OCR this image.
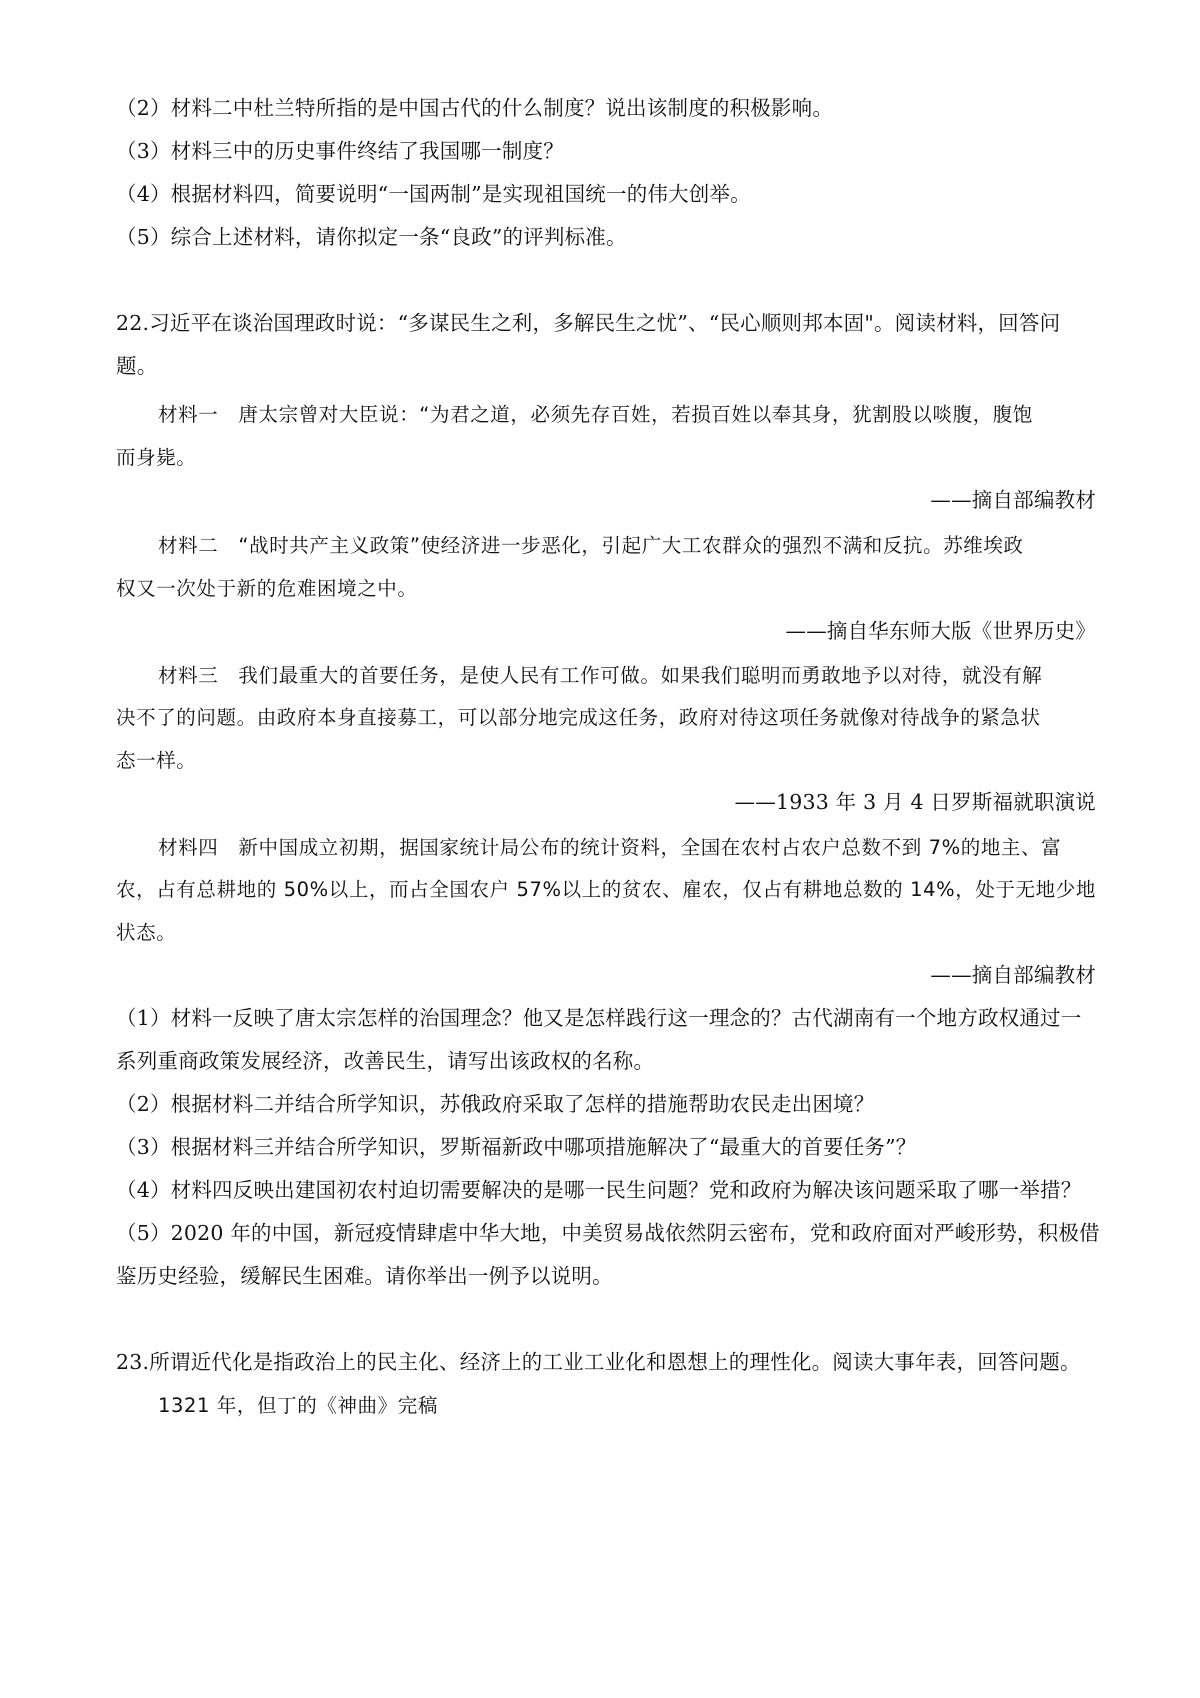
（2）材料二中杜兰特所指的是中国古代的什么制度？说出该制度的积极影响。
（3）材料三中的历史事件终结了我国哪一制度？
（4）根据材料四，简要说明“一国两制”是实现祖国统一的伟大创举。
（5）综合上述材料，请你拟定一条“良政”的评判标准。
22.习近平在谈治国理政时说：“多谋民生之利，多解民生之忧”、“民心顺则邦本固"。阅读材料，回答问
题。
材料一　唐太宗曾对大臣说：“为君之道，必须先存百姓，若损百姓以奉其身，犹割股以啖腹，腹饱
而身毙。
——摘自部编教材
材料二　“战时共产主义政策”使经济进一步恶化，引起广大工农群众的强烈不满和反抗。苏维埃政
权又一次处于新的危难困境之中。
——摘自华东师大版《世界历史》
材料三　我们最重大的首要任务，是使人民有工作可做。如果我们聪明而勇敢地予以对待，就没有解
决不了的问题。由政府本身直接募工，可以部分地完成这任务，政府对待这项任务就像对待战争的紧急状
态一样。
——1933 年 3 月 4 日罗斯福就职演说
材料四　新中国成立初期，据国家统计局公布的统计资料，全国在农村占农户总数不到 7%的地主、富
农，占有总耕地的 50%以上，而占全国农户 57%以上的贫农、雇农，仅占有耕地总数的 14%，处于无地少地
状态。
——摘自部编教材
（1）材料一反映了唐太宗怎样的治国理念？他又是怎样践行这一理念的？古代湖南有一个地方政权通过一
系列重商政策发展经济，改善民生，请写出该政权的名称。
（2）根据材料二并结合所学知识，苏俄政府采取了怎样的措施帮助农民走出困境？
（3）根据材料三并结合所学知识，罗斯福新政中哪项措施解决了“最重大的首要任务”？
（4）材料四反映出建国初农村迫切需要解决的是哪一民生问题？党和政府为解决该问题采取了哪一举措？
（5）2020 年的中国，新冠疫情肆虐中华大地，中美贸易战依然阴云密布，党和政府面对严峻形势，积极借
鉴历史经验，缓解民生困难。请你举出一例予以说明。
23.所谓近代化是指政治上的民主化、经济上的工业工业化和恩想上的理性化。阅读大事年表，回答问题。
1321 年，但丁的《神曲》完稿
